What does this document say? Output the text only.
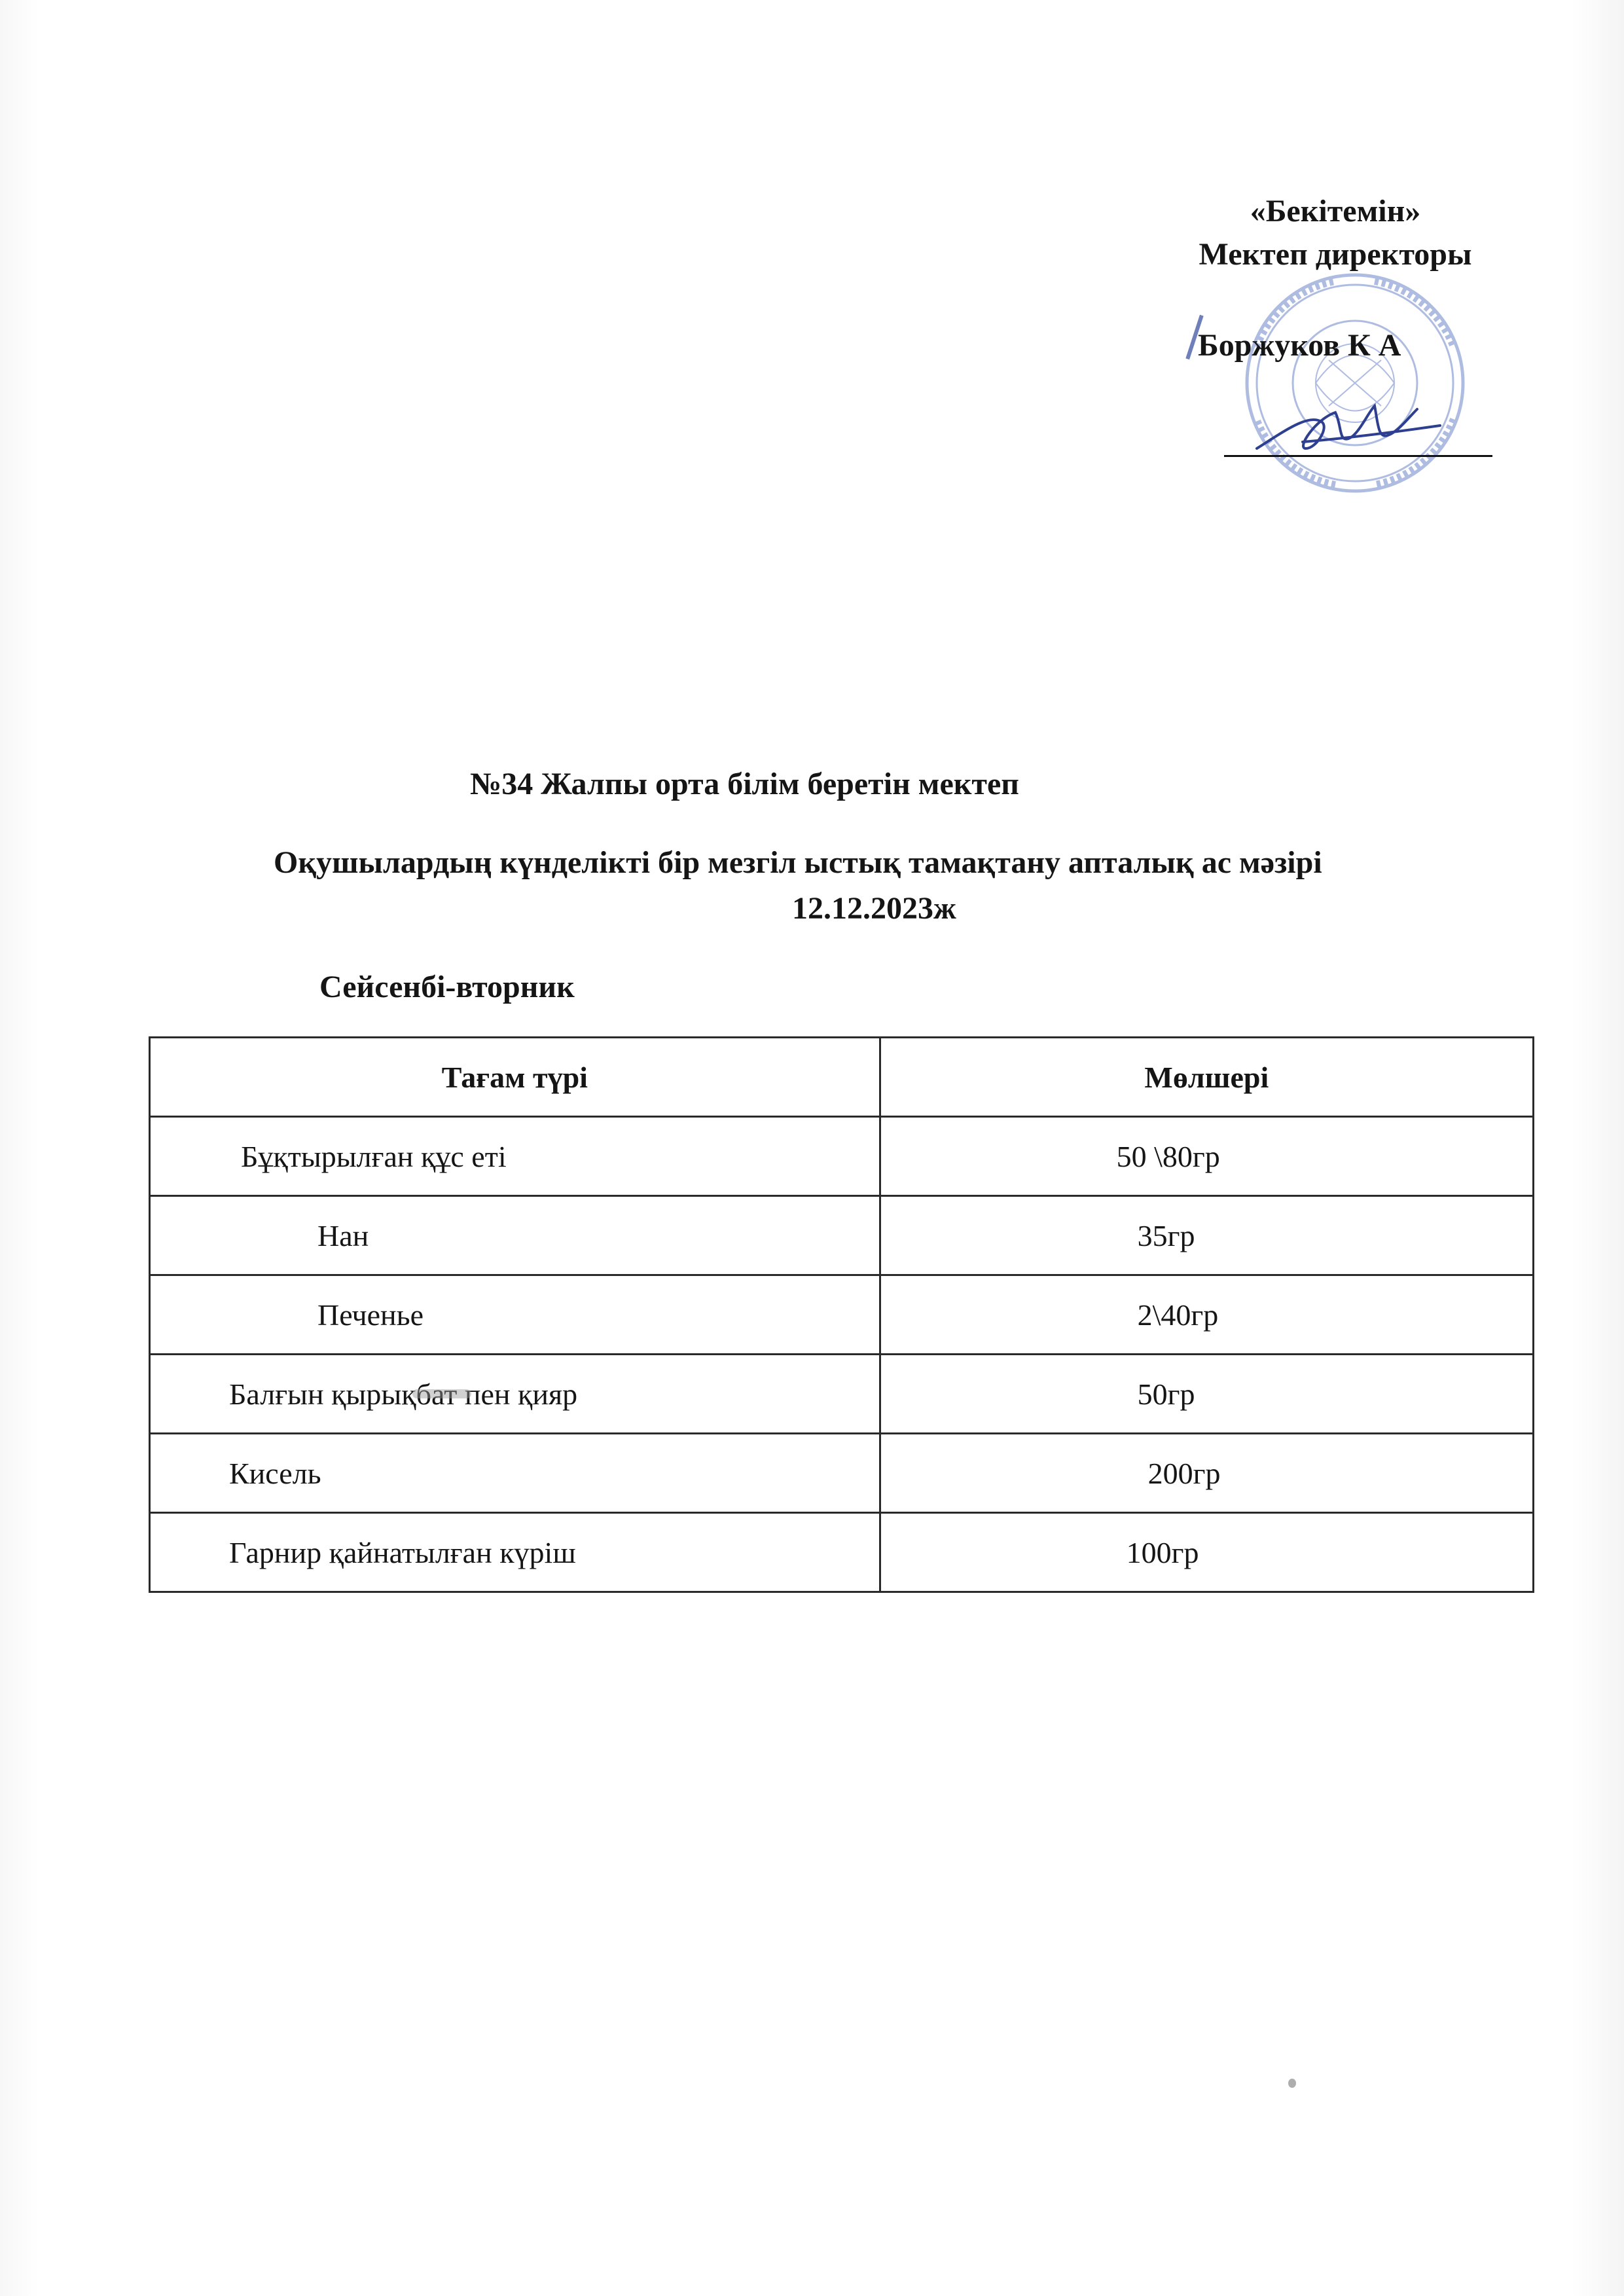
«Бекітемін»
Мектеп директоры
Боржуков К А
№34 Жалпы орта білім беретін мектеп
Оқушылардың күнделікті бір мезгіл ыстық тамақтану апталық ас мәзірі
12.12.2023ж
Сейсенбі-вторник
Тағам түрі	Мөлшері
Бұқтырылған құс еті	50 \80гр
Нан	35гр
Печенье	2\40гр
Балғын қырықбат пен қияр	50гр
Кисель	200гр
Гарнир қайнатылған күріш	100гр
